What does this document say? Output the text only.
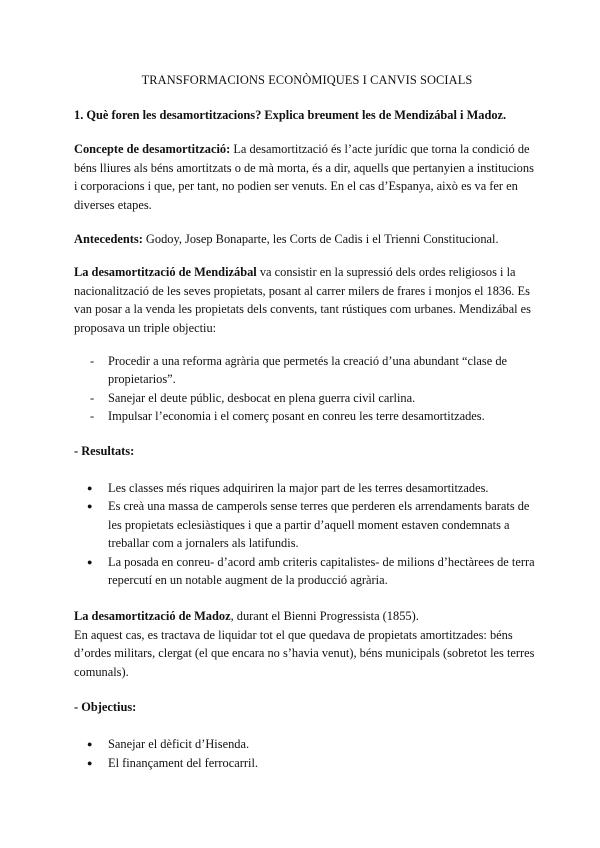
TRANSFORMACIONS ECONÒMIQUES I CANVIS SOCIALS
1. Què foren les desamortitzacions? Explica breument les de Mendizábal i Madoz.

Concepte de desamortització: La desamortització és l’acte jurídic que torna la condició de béns lliures als béns amortitzats o de mà morta, és a dir, aquells que pertanyien a institucions i corporacions i que, per tant, no podien ser venuts. En el cas d’Espanya, això es va fer en diverses etapes.

Antecedents: Godoy, Josep Bonaparte, les Corts de Cadis i el Trienni Constitucional.

La desamortització de Mendizábal va consistir en la supressió dels ordes religiosos i la nacionalització de les seves propietats, posant al carrer milers de frares i monjos el 1836. Es van posar a la venda les propietats dels convents, tant rústiques com urbanes. Mendizábal es proposava un triple objectiu:

- Procedir a una reforma agrària que permetés la creació d’una abundant “clase de propietarios”.
- Sanejar el deute públic, desbocat en plena guerra civil carlina.
- Impulsar l’economia i el comerç posant en conreu les terre desamortitzades.
- Resultats:
● Les classes més riques adquiriren la major part de les terres desamortitzades.
● Es creà una massa de camperols sense terres que perderen els arrendaments barats de les propietats eclesiàstiques i que a partir d’aquell moment estaven condemnats a treballar com a jornalers als latifundis.
● La posada en conreu- d’acord amb criteris capitalistes- de milions d’hectàrees de terra repercutí en un notable augment de la producció agrària.

La desamortització de Madoz, durant el Bienni Progressista (1855).

En aquest cas, es tractava de liquidar tot el que quedava de propietats amortitzades: béns d’ordes militars, clergat (el que encara no s’havia venut), béns municipals (sobretot les terres comunals).

- Objectius:
● Sanejar el dèficit d’Hisenda.
● El finançament del ferrocarril.
